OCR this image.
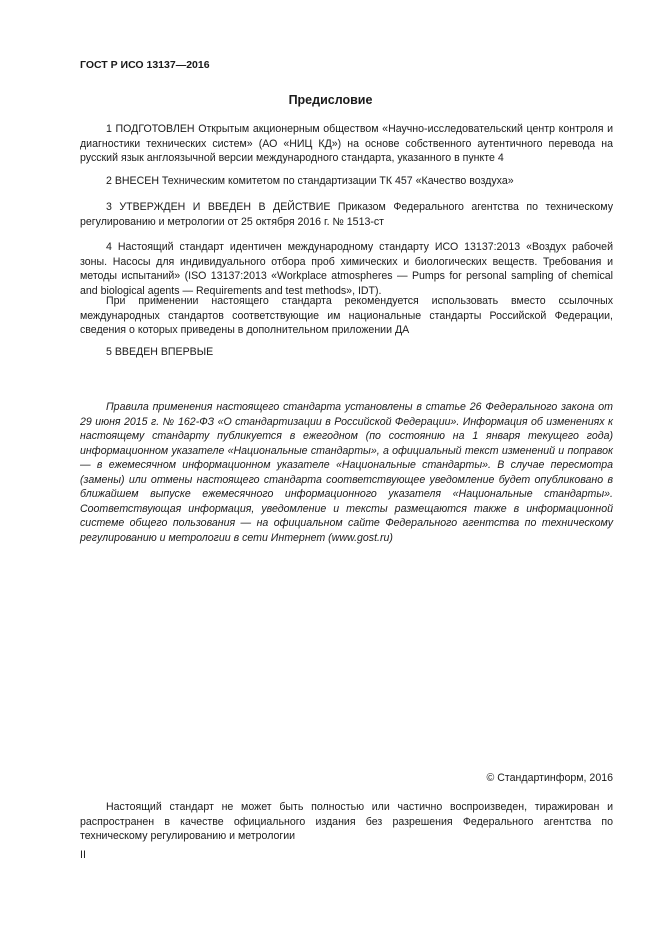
ГОСТ Р ИСО 13137—2016
Предисловие

1 ПОДГОТОВЛЕН Открытым акционерным обществом «Научно-исследовательский центр контроля и диагностики технических систем» (АО «НИЦ КД») на основе собственного аутентичного перевода на русский язык англоязычной версии международного стандарта, указанного в пункте 4

2 ВНЕСЕН Техническим комитетом по стандартизации ТК 457 «Качество воздуха»

3 УТВЕРЖДЕН И ВВЕДЕН В ДЕЙСТВИЕ Приказом Федерального агентства по техническому регулированию и метрологии от 25 октября 2016 г. № 1513-ст

4 Настоящий стандарт идентичен международному стандарту ИСО 13137:2013 «Воздух рабочей зоны. Насосы для индивидуального отбора проб химических и биологических веществ. Требования и методы испытаний» (ISO 13137:2013 «Workplace atmospheres — Pumps for personal sampling of chemical and biological agents — Requirements and test methods», IDT).

При применении настоящего стандарта рекомендуется использовать вместо ссылочных международных стандартов соответствующие им национальные стандарты Российской Федерации, сведения о которых приведены в дополнительном приложении ДА

5 ВВЕДЕН ВПЕРВЫЕ

Правила применения настоящего стандарта установлены в статье 26 Федерального закона от 29 июня 2015 г. № 162-ФЗ «О стандартизации в Российской Федерации». Информация об изменениях к настоящему стандарту публикуется в ежегодном (по состоянию на 1 января текущего года) информационном указателе «Национальные стандарты», а официальный текст изменений и поправок — в ежемесячном информационном указателе «Национальные стандарты». В случае пересмотра (замены) или отмены настоящего стандарта соответствующее уведомление будет опубликовано в ближайшем выпуске ежемесячного информационного указателя «Национальные стандарты». Соответствующая информация, уведомление и тексты размещаются также в информационной системе общего пользования — на официальном сайте Федерального агентства по техническому регулированию и метрологии в сети Интернет (www.gost.ru)

© Стандартинформ, 2016

Настоящий стандарт не может быть полностью или частично воспроизведен, тиражирован и распространен в качестве официального издания без разрешения Федерального агентства по техническому регулированию и метрологии

II
